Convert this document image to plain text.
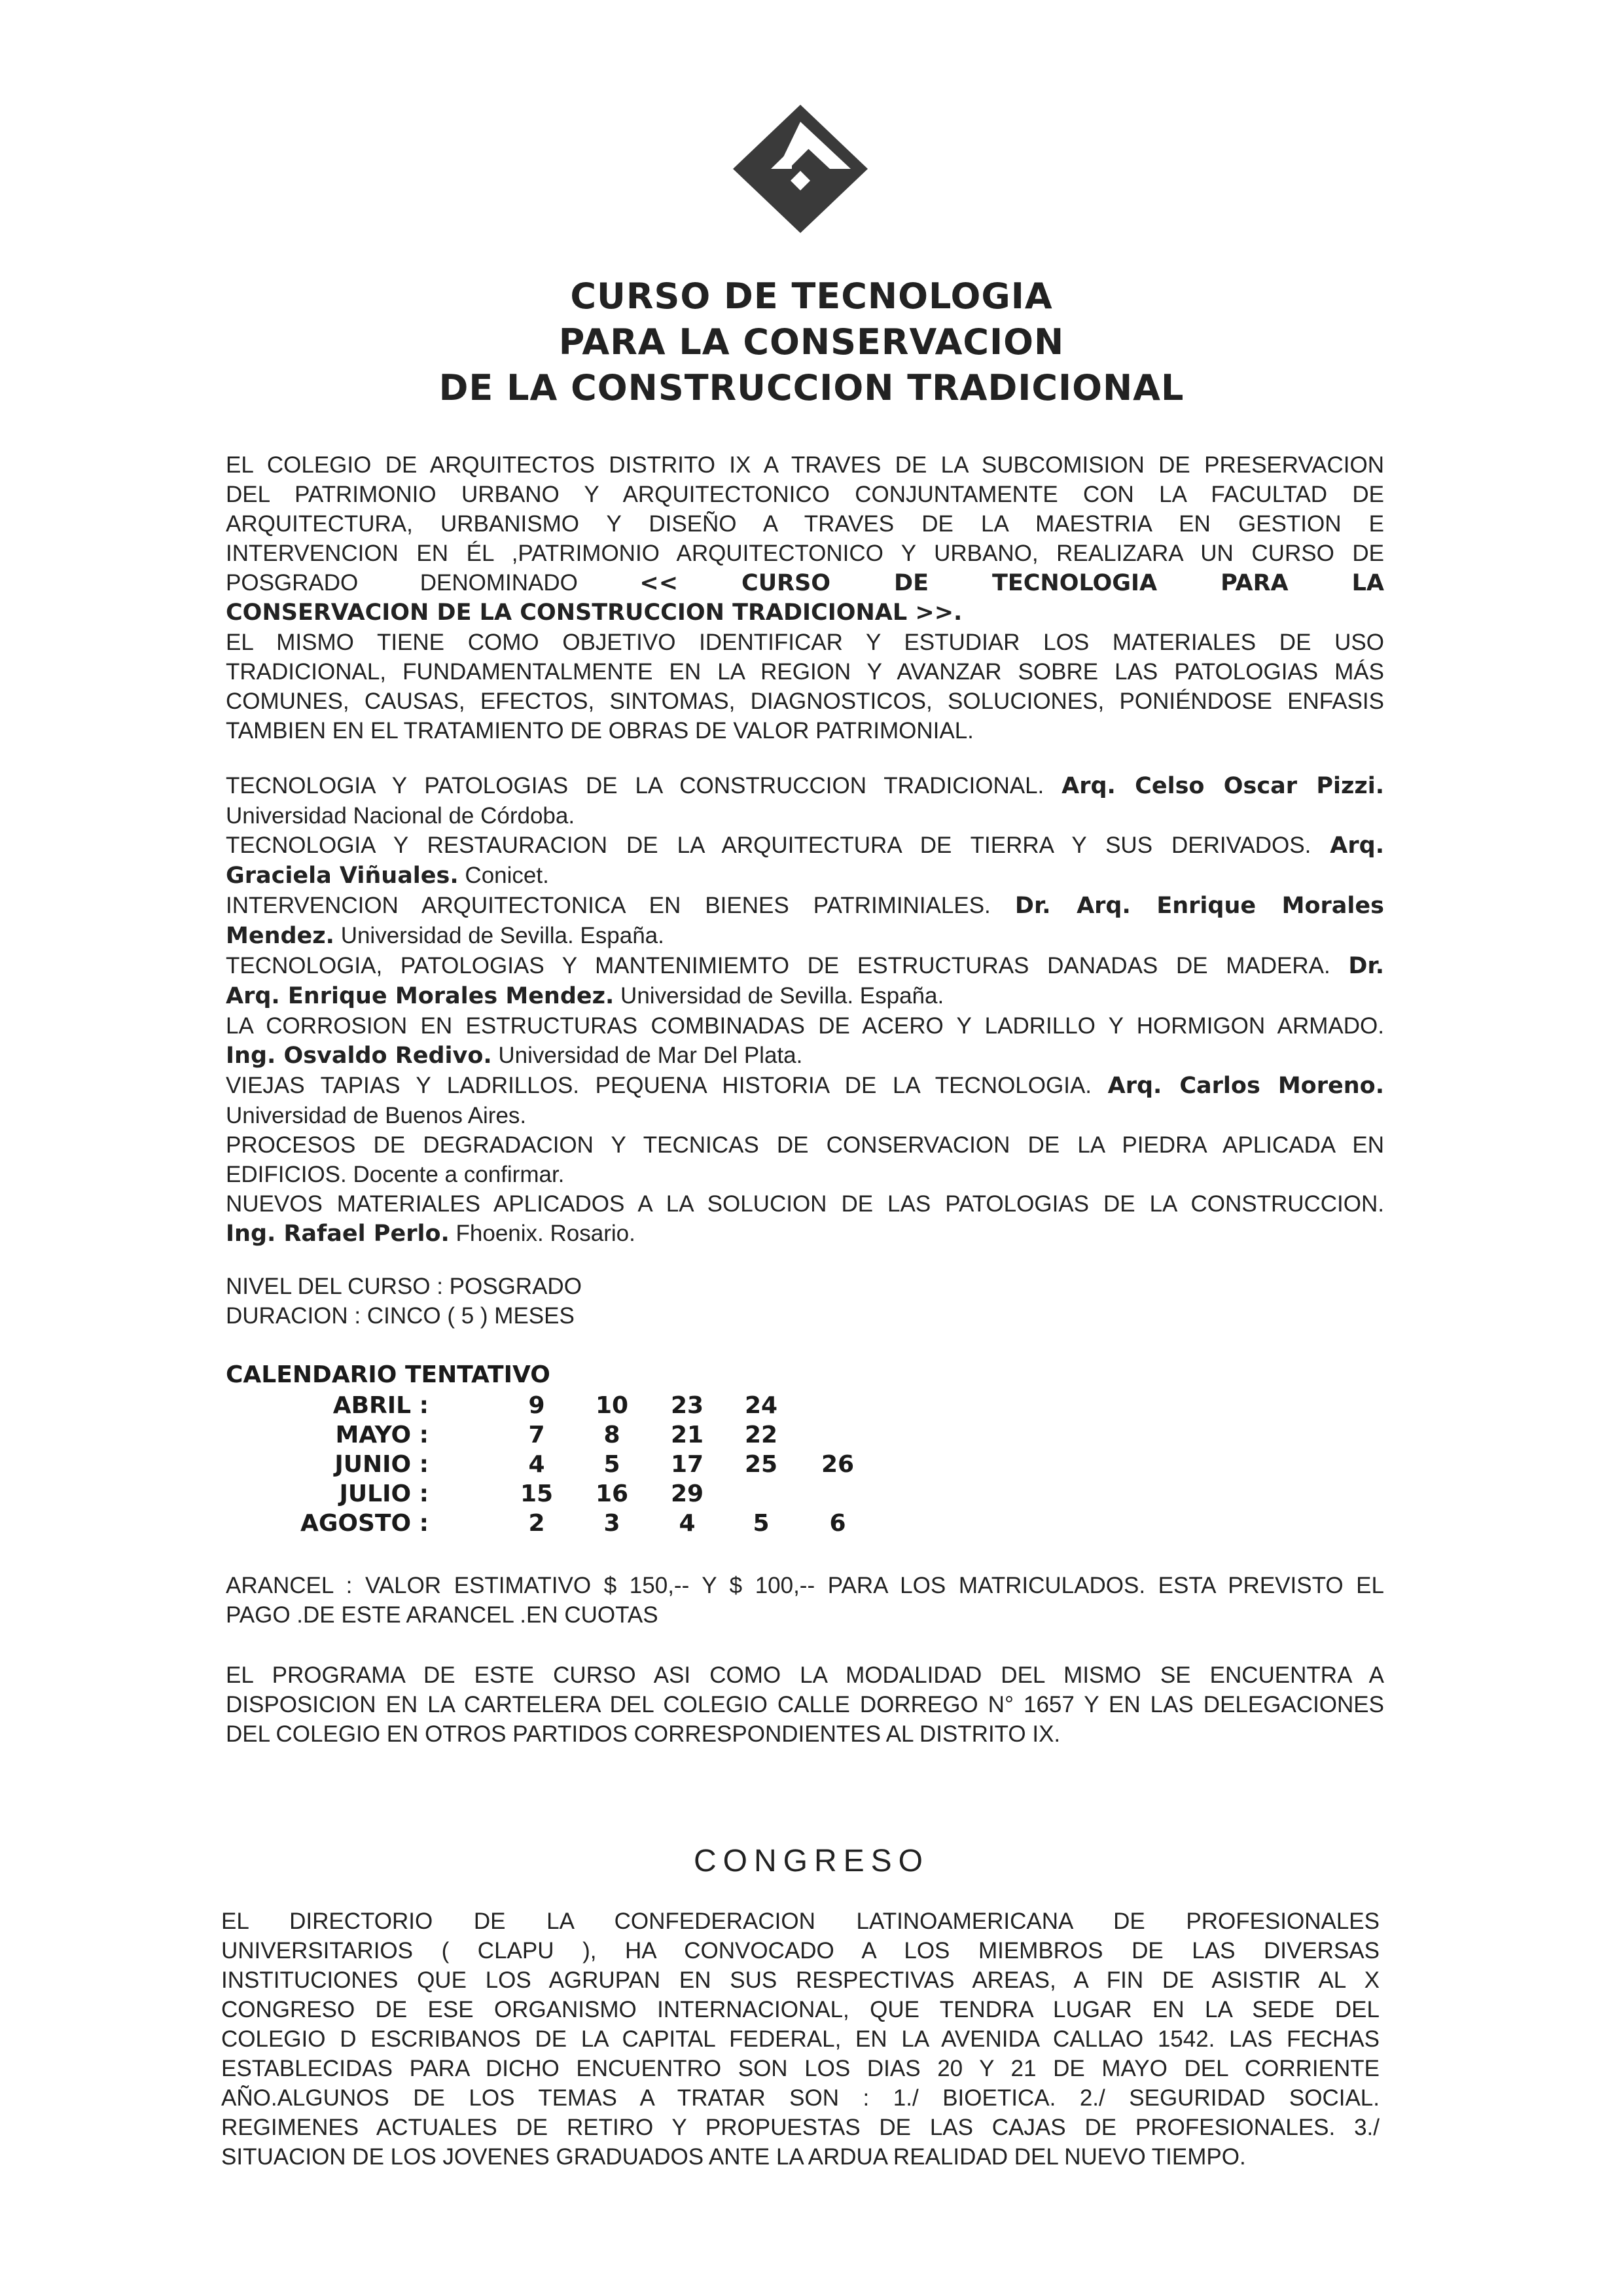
CURSO DE TECNOLOGIA
PARA LA CONSERVACION
DE LA CONSTRUCCION TRADICIONAL

EL COLEGIO DE ARQUITECTOS DISTRITO IX A TRAVES DE LA SUBCOMISION DE PRESERVACION

DEL PATRIMONIO URBANO Y ARQUITECTONICO CONJUNTAMENTE CON LA FACULTAD DE

ARQUITECTURA, URBANISMO Y DISEÑO A TRAVES DE LA MAESTRIA EN GESTION E

INTERVENCION EN ÉL ,PATRIMONIO ARQUITECTONICO Y URBANO, REALIZARA UN CURSO DE

POSGRADO DENOMINADO	<< CURSO DE TECNOLOGIA PARA LA

CONSERVACION DE LA CONSTRUCCION TRADICIONAL >>.

EL MISMO TIENE COMO OBJETIVO IDENTIFICAR Y ESTUDIAR LOS MATERIALES DE USO

TRADICIONAL, FUNDAMENTALMENTE EN LA REGION Y AVANZAR SOBRE LAS PATOLOGIAS MÁS

COMUNES, CAUSAS, EFECTOS, SINTOMAS, DIAGNOSTICOS, SOLUCIONES, PONIÉNDOSE ENFASIS

TAMBIEN EN EL TRATAMIENTO DE OBRAS DE VALOR PATRIMONIAL.

TECNOLOGIA Y PATOLOGIAS DE LA CONSTRUCCION TRADICIONAL. Arq. Celso Oscar Pizzi.

Universidad Nacional de Córdoba.

TECNOLOGIA Y RESTAURACION DE LA ARQUITECTURA DE TIERRA Y SUS DERIVADOS. Arq.

Graciela Viñuales. Conicet.

INTERVENCION ARQUITECTONICA EN BIENES PATRIMINIALES. Dr. Arq. Enrique Morales

Mendez. Universidad de Sevilla. España.

TECNOLOGIA, PATOLOGIAS Y MANTENIMIEMTO DE ESTRUCTURAS DANADAS DE MADERA. Dr.

Arq. Enrique Morales Mendez. Universidad de Sevilla. España.

LA CORROSION EN ESTRUCTURAS COMBINADAS DE ACERO Y LADRILLO Y HORMIGON ARMADO.

Ing. Osvaldo Redivo. Universidad de Mar Del Plata.

VIEJAS TAPIAS Y LADRILLOS. PEQUENA HISTORIA DE LA TECNOLOGIA. Arq. Carlos Moreno.

Universidad de Buenos Aires.

PROCESOS DE DEGRADACION Y TECNICAS DE CONSERVACION DE LA PIEDRA APLICADA EN

EDIFICIOS. Docente a confirmar.

NUEVOS MATERIALES APLICADOS A LA SOLUCION DE LAS PATOLOGIAS DE LA CONSTRUCCION.

Ing. Rafael Perlo. Fhoenix. Rosario.

NIVEL DEL CURSO : POSGRADO

DURACION : CINCO ( 5 ) MESES

CALENDARIO TENTATIVO
ABRIL :	9	10	23	24
MAYO :	7	8	21	22
JUNIO :	4	5	17	25	26
JULIO :	15	16	29
AGOSTO :	2	3	4	5	6

ARANCEL : VALOR ESTIMATIVO $ 150,-- Y $ 100,-- PARA LOS MATRICULADOS. ESTA PREVISTO EL

PAGO .DE ESTE ARANCEL .EN CUOTAS

EL PROGRAMA DE ESTE CURSO ASI COMO LA MODALIDAD DEL MISMO SE ENCUENTRA A

DISPOSICION EN LA CARTELERA DEL COLEGIO CALLE DORREGO N° 1657 Y EN LAS DELEGACIONES

DEL COLEGIO EN OTROS PARTIDOS CORRESPONDIENTES AL DISTRITO IX.

CONGRESO

EL DIRECTORIO DE LA CONFEDERACION LATINOAMERICANA DE PROFESIONALES

UNIVERSITARIOS ( CLAPU ), HA CONVOCADO A LOS MIEMBROS DE LAS DIVERSAS

INSTITUCIONES QUE LOS AGRUPAN EN SUS RESPECTIVAS AREAS, A FIN DE ASISTIR AL X

CONGRESO DE ESE ORGANISMO INTERNACIONAL, QUE TENDRA LUGAR EN LA SEDE DEL

COLEGIO D ESCRIBANOS DE LA CAPITAL FEDERAL, EN LA AVENIDA CALLAO 1542. LAS FECHAS

ESTABLECIDAS PARA DICHO ENCUENTRO SON LOS DIAS 20 Y 21 DE MAYO DEL CORRIENTE

AÑO.ALGUNOS DE LOS TEMAS A TRATAR SON : 1./ BIOETICA. 2./ SEGURIDAD SOCIAL.

REGIMENES ACTUALES DE RETIRO Y PROPUESTAS DE LAS CAJAS DE PROFESIONALES. 3./

SITUACION DE LOS JOVENES GRADUADOS ANTE LA ARDUA REALIDAD DEL NUEVO TIEMPO.
